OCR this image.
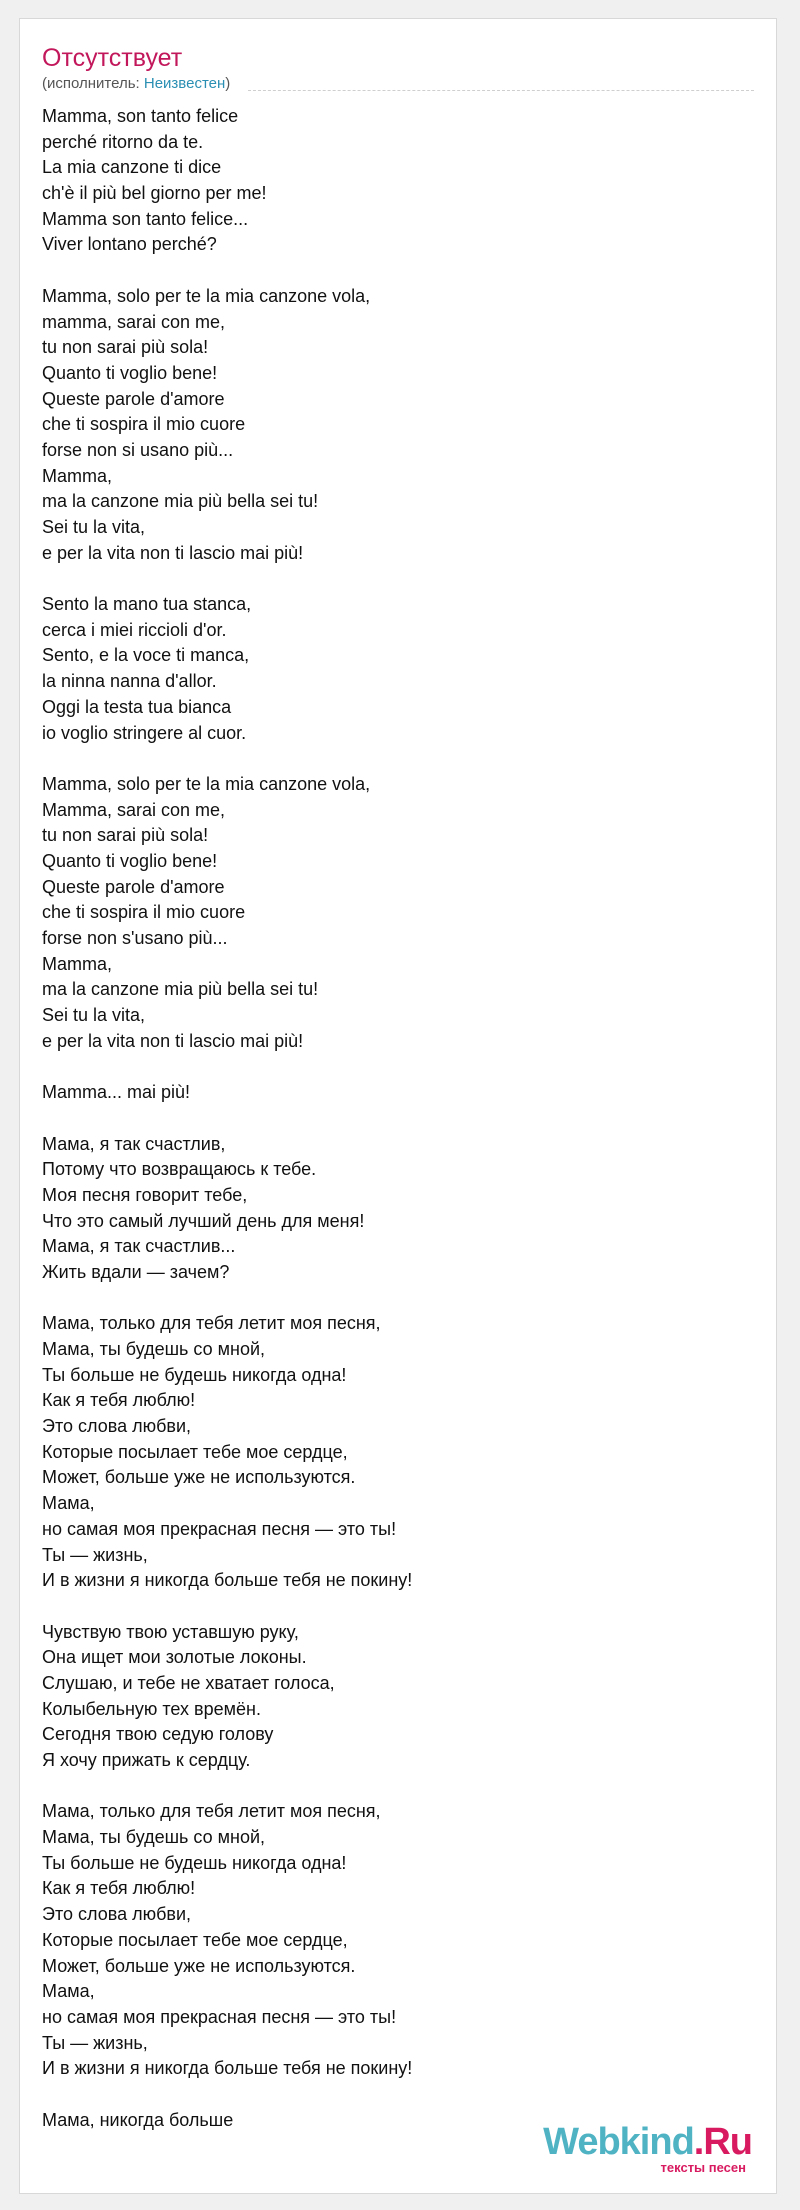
Отсутствует
(исполнитель: Неизвестен)
Mamma, son tanto felice
perché ritorno da te.
La mia canzone ti dice
ch'è il più bel giorno per me!
Mamma son tanto felice...
Viver lontano perché?
Mamma, solo per te la mia canzone vola,
mamma, sarai con me,
tu non sarai più sola!
Quanto ti voglio bene!
Queste parole d'amore
che ti sospira il mio cuore
forse non si usano più...
Mamma,
ma la canzone mia più bella sei tu!
Sei tu la vita,
e per la vita non ti lascio mai più!
Sento la mano tua stanca,
cerca i miei riccioli d'or.
Sento, e la voce ti manca,
la ninna nanna d'allor.
Oggi la testa tua bianca
io voglio stringere al cuor.
Mamma, solo per te la mia canzone vola,
Mamma, sarai con me,
tu non sarai più sola!
Quanto ti voglio bene!
Queste parole d'amore
che ti sospira il mio cuore
forse non s'usano più...
Mamma,
ma la canzone mia più bella sei tu!
Sei tu la vita,
e per la vita non ti lascio mai più!
Mamma... mai più!
Мама, я так счастлив,
Потому что возвращаюсь к тебе.
Моя песня говорит тебе,
Что это самый лучший день для меня!
Мама, я так счастлив...
Жить вдали — зачем?
Мама, только для тебя летит моя песня,
Мама, ты будешь со мной,
Ты больше не будешь никогда одна!
Как я тебя люблю!
Это слова любви,
Которые посылает тебе мое сердце,
Может, больше уже не используются.
Мама,
но самая моя прекрасная песня — это ты!
Ты — жизнь,
И в жизни я никогда больше тебя не покину!
Чувствую твою уставшую руку,
Она ищет мои золотые локоны.
Слушаю, и тебе не хватает голоса,
Колыбельную тех времён.
Сегодня твою седую голову
Я хочу прижать к сердцу.
Мама, только для тебя летит моя песня,
Мама, ты будешь со мной,
Ты больше не будешь никогда одна!
Как я тебя люблю!
Это слова любви,
Которые посылает тебе мое сердце,
Может, больше уже не используются.
Мама,
но самая моя прекрасная песня — это ты!
Ты — жизнь,
И в жизни я никогда больше тебя не покину!
Мама, никогда больше
Webkind.Ru
тексты песен
